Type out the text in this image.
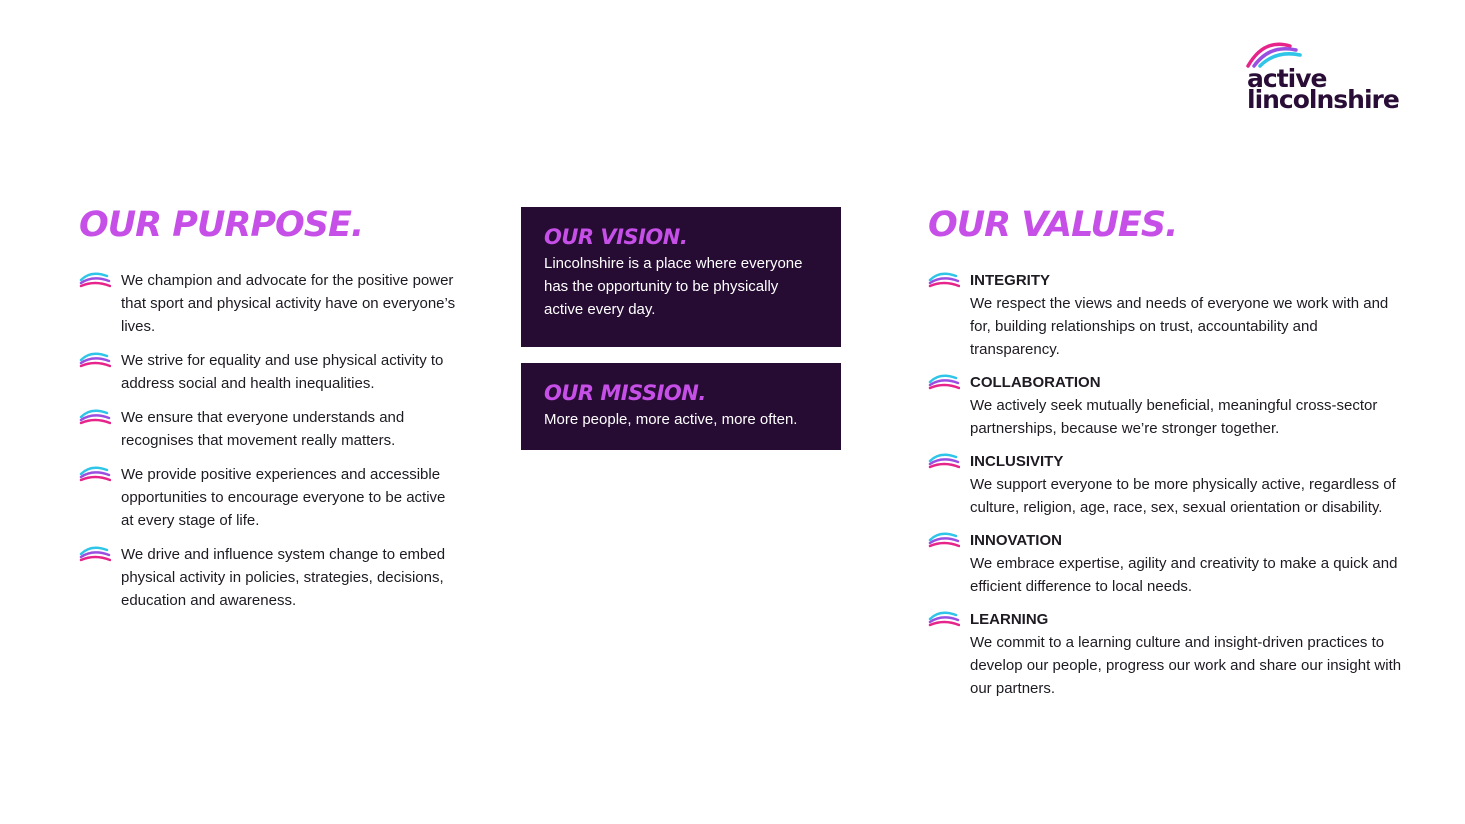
active
lincolnshire
OUR PURPOSE.
We champion and advocate for the positive power that sport and physical activity have on everyone’s lives.
We strive for equality and use physical activity to address social and health inequalities.
We ensure that everyone understands and recognises that movement really matters.
We provide positive experiences and accessible opportunities to encourage everyone to be active at every stage of life.
We drive and influence system change to embed physical activity in policies, strategies, decisions, education and awareness.
OUR VISION.

Lincolnshire is a place where everyone has the opportunity to be physically active every day.

OUR MISSION.

More people, more active, more often.

OUR VALUES.
INTEGRITY
We respect the views and needs of everyone we work with and for, building relationships on trust, accountability and transparency.
COLLABORATION
We actively seek mutually beneficial, meaningful cross-sector partnerships, because we’re stronger together.
INCLUSIVITY
We support everyone to be more physically active, regardless of culture, religion, age, race, sex, sexual orientation or disability.
INNOVATION
We embrace expertise, agility and creativity to make a quick and efficient difference to local needs.
LEARNING
We commit to a learning culture and insight-driven practices to develop our people, progress our work and share our insight with our partners.
